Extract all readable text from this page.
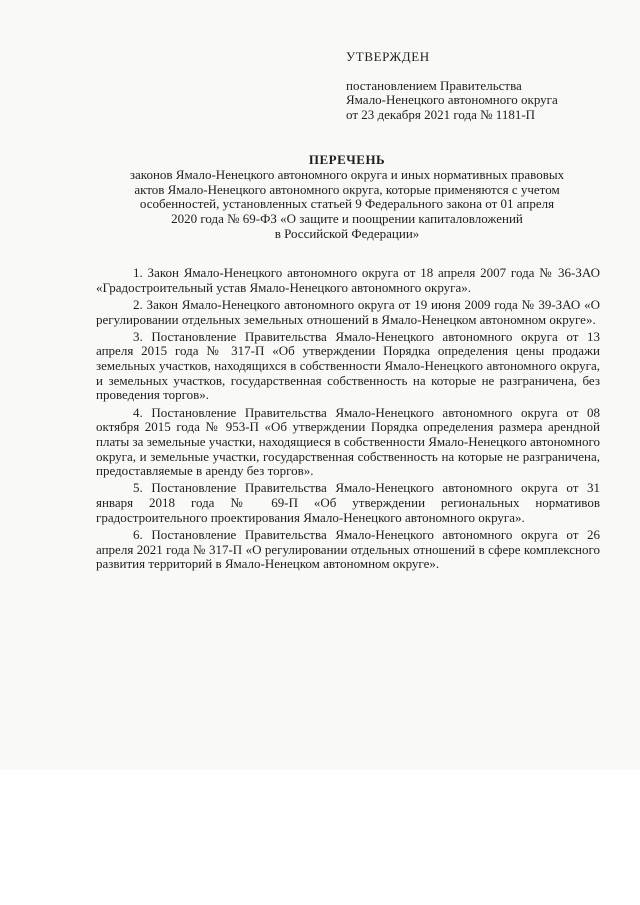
УТВЕРЖДЕН
постановлением Правительства
Ямало-Ненецкого автономного округа
от 23 декабря 2021 года № 1181-П
ПЕРЕЧЕНЬ
законов Ямало-Ненецкого автономного округа и иных нормативных правовых
актов Ямало-Ненецкого автономного округа, которые применяются с учетом
особенностей, установленных статьей 9 Федерального закона от 01 апреля
2020 года № 69-ФЗ «О защите и поощрении капиталовложений
в Российской Федерации»

1. Закон Ямало-Ненецкого автономного округа от 18 апреля 2007 года № 36-ЗАО «Градостроительный устав Ямало-Ненецкого автономного округа».

2. Закон Ямало-Ненецкого автономного округа от 19 июня 2009 года № 39-ЗАО «О регулировании отдельных земельных отношений в Ямало-Ненецком автономном округе».

3. Постановление Правительства Ямало-Ненецкого автономного округа от 13 апреля 2015 года № 317-П «Об утверждении Порядка определения цены продажи земельных участков, находящихся в собственности Ямало-Ненецкого автономного округа, и земельных участков, государственная собственность на которые не разграничена, без проведения торгов».

4. Постановление Правительства Ямало-Ненецкого автономного округа от 08 октября 2015 года № 953-П «Об утверждении Порядка определения размера арендной платы за земельные участки, находящиеся в собственности Ямало-Ненецкого автономного округа, и земельные участки, государственная собственность на которые не разграничена, предоставляемые в аренду без торгов».

5. Постановление Правительства Ямало-Ненецкого автономного округа от 31 января 2018 года № 69-П «Об утверждении региональных нормативов градостроительного проектирования Ямало-Ненецкого автономного округа».

6. Постановление Правительства Ямало-Ненецкого автономного округа от 26 апреля 2021 года № 317-П «О регулировании отдельных отношений в сфере комплексного развития территорий в Ямало-Ненецком автономном округе».
